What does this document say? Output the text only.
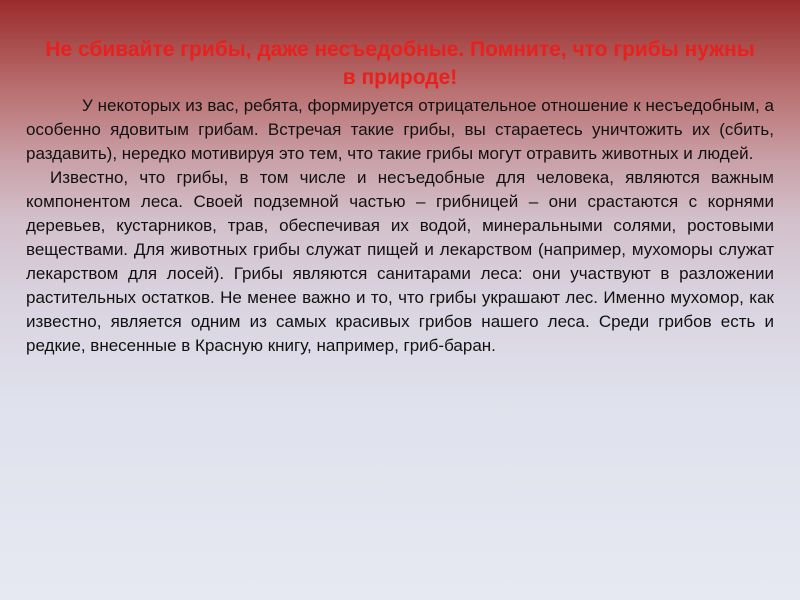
Не сбивайте грибы, даже несъедобные. Помните, что грибы нужны в природе!

У некоторых из вас, ребята, формируется отрицательное отношение к несъедобным, а особенно ядовитым грибам. Встречая такие грибы, вы стараетесь уничтожить их (сбить, раздавить), нередко мотивируя это тем, что такие грибы могут отравить животных и людей.

Известно, что грибы, в том числе и несъедобные для человека, являются важным компонентом леса. Своей подземной частью – грибницей – они срастаются с корнями деревьев, кустарников, трав, обеспечивая их водой, минеральными солями, ростовыми веществами. Для животных грибы служат пищей и лекарством (например, мухоморы служат лекарством для лосей). Грибы являются санитарами леса: они участвуют в разложении растительных остатков. Не менее важно и то, что грибы украшают лес. Именно мухомор, как известно, является одним из самых красивых грибов нашего леса. Среди грибов есть и редкие, внесенные в Красную книгу, например, гриб-баран.
